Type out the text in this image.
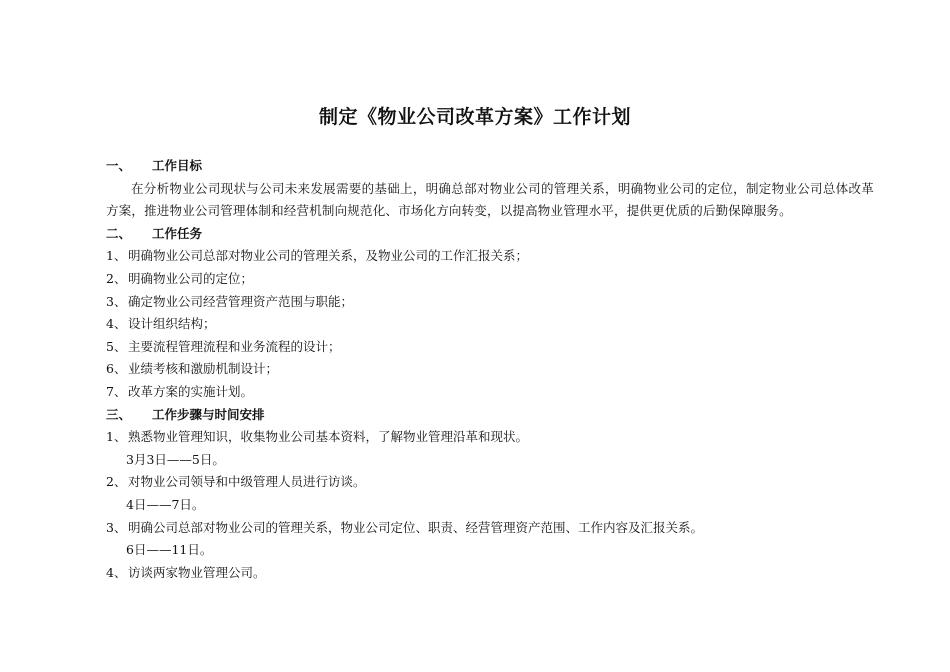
制定《物业公司改革方案》工作计划
一、 工作目标
在分析物业公司现状与公司未来发展需要的基础上，明确总部对物业公司的管理关系，明确物业公司的定位，制定物业公司总体改革方案，推进物业公司管理体制和经营机制向规范化、市场化方向转变，以提高物业管理水平，提供更优质的后勤保障服务。
二、 工作任务
1、 明确物业公司总部对物业公司的管理关系，及物业公司的工作汇报关系；
2、 明确物业公司的定位；
3、 确定物业公司经营管理资产范围与职能；
4、 设计组织结构；
5、 主要流程管理流程和业务流程的设计；
6、 业绩考核和激励机制设计；
7、 改革方案的实施计划。
三、 工作步骤与时间安排
1、 熟悉物业管理知识，收集物业公司基本资料，了解物业管理沿革和现状。
3月3日——5日。
2、 对物业公司领导和中级管理人员进行访谈。
4日——7日。
3、 明确公司总部对物业公司的管理关系，物业公司定位、职责、经营管理资产范围、工作内容及汇报关系。
6日——11日。
4、 访谈两家物业管理公司。
